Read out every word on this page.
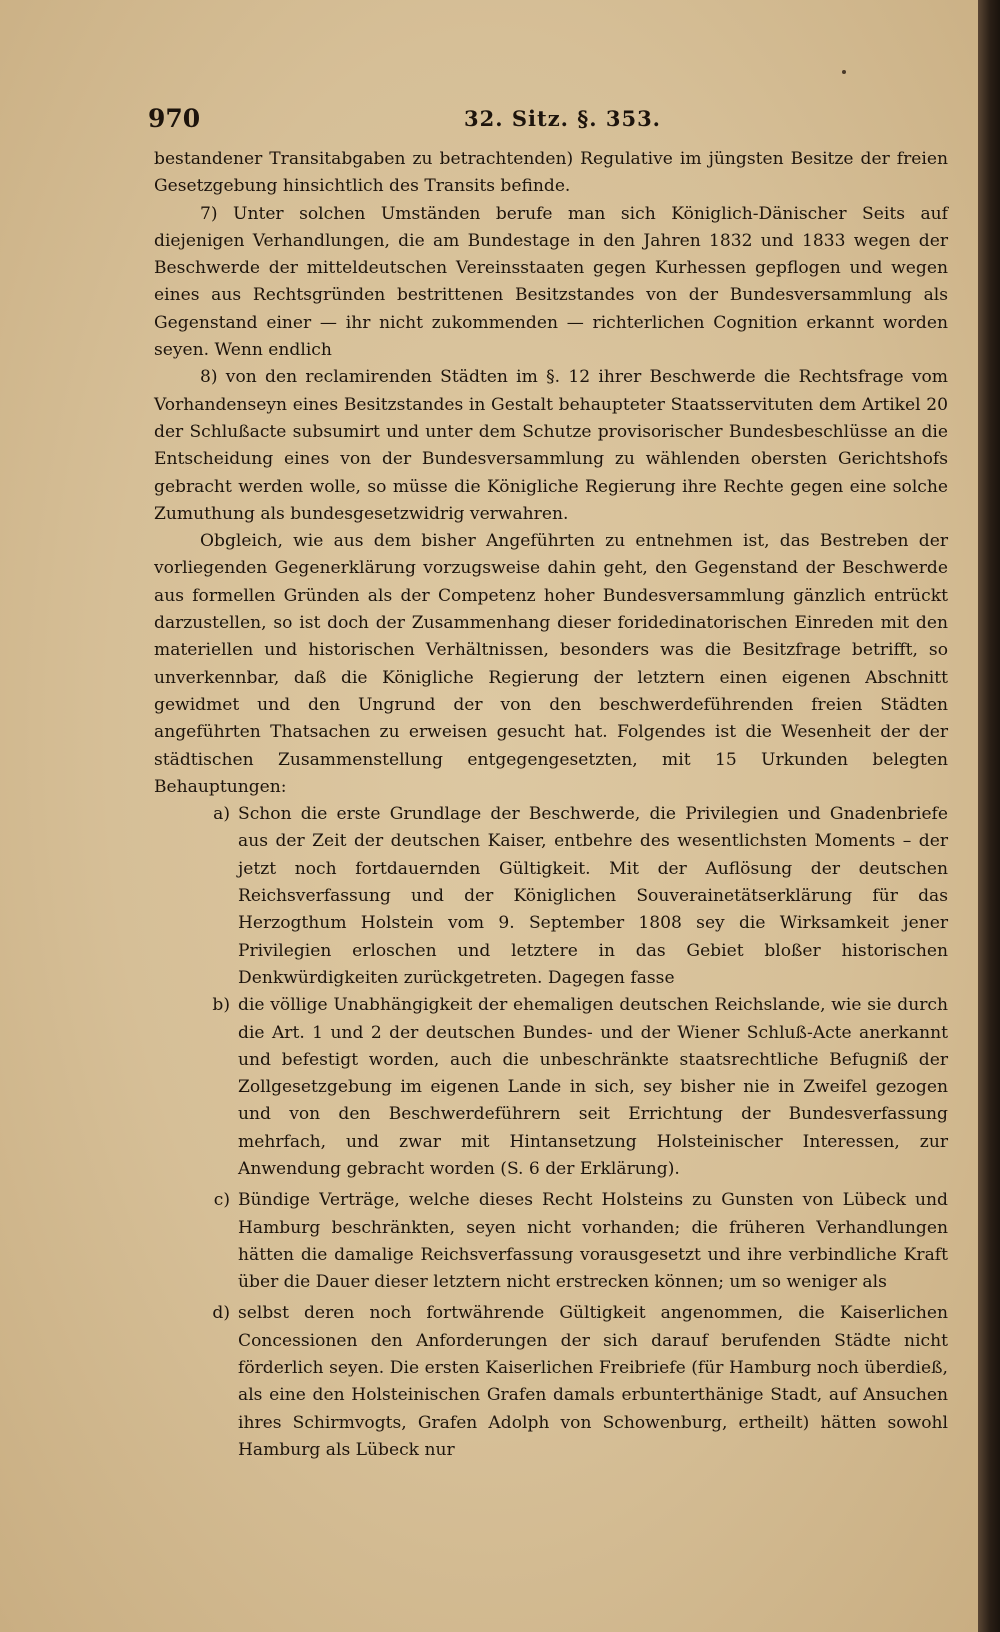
970	32. Sitz. §. 353.

bestandener Transitabgaben zu betrachtenden) Regulative im jüngsten Besitze der freien Gesetzgebung hinsichtlich des Transits befinde.

7) Unter solchen Umständen berufe man sich Königlich-Dänischer Seits auf diejenigen Verhandlungen, die am Bundestage in den Jahren 1832 und 1833 wegen der Beschwerde der mitteldeutschen Vereinsstaaten gegen Kurhessen gepflogen und wegen eines aus Rechtsgründen bestrittenen Besitzstandes von der Bundesversammlung als Gegenstand einer — ihr nicht zukommenden — richterlichen Cognition erkannt worden seyen. Wenn endlich

8) von den reclamirenden Städten im §. 12 ihrer Beschwerde die Rechtsfrage vom Vorhandenseyn eines Besitzstandes in Gestalt behaupteter Staatsservituten dem Artikel 20 der Schlußacte subsumirt und unter dem Schutze provisorischer Bundesbeschlüsse an die Entscheidung eines von der Bundesversammlung zu wählenden obersten Gerichtshofs gebracht werden wolle, so müsse die Königliche Regierung ihre Rechte gegen eine solche Zumuthung als bundesgesetzwidrig verwahren.

Obgleich, wie aus dem bisher Angeführten zu entnehmen ist, das Bestreben der vorliegenden Gegenerklärung vorzugsweise dahin geht, den Gegenstand der Beschwerde aus formellen Gründen als der Competenz hoher Bundesversammlung gänzlich entrückt darzustellen, so ist doch der Zusammenhang dieser foridedinatorischen Einreden mit den materiellen und historischen Verhältnissen, besonders was die Besitzfrage betrifft, so unverkennbar, daß die Königliche Regierung der letztern einen eigenen Abschnitt gewidmet und den Ungrund der von den beschwerdeführenden freien Städten angeführten Thatsachen zu erweisen gesucht hat. Folgendes ist die Wesenheit der der städtischen Zusammenstellung entgegengesetzten, mit 15 Urkunden belegten Behauptungen:

a) Schon die erste Grundlage der Beschwerde, die Privilegien und Gnadenbriefe aus der Zeit der deutschen Kaiser, entbehre des wesentlichsten Moments – der jetzt noch fortdauernden Gültigkeit. Mit der Auflösung der deutschen Reichsverfassung und der Königlichen Souverainetätserklärung für das Herzogthum Holstein vom 9. September 1808 sey die Wirksamkeit jener Privilegien erloschen und letztere in das Gebiet bloßer historischen Denkwürdigkeiten zurückgetreten. Dagegen fasse
b) die völlige Unabhängigkeit der ehemaligen deutschen Reichslande, wie sie durch die Art. 1 und 2 der deutschen Bundes- und der Wiener Schluß-Acte anerkannt und befestigt worden, auch die unbeschränkte staatsrechtliche Befugniß der Zollgesetzgebung im eigenen Lande in sich, sey bisher nie in Zweifel gezogen und von den Beschwerdeführern seit Errichtung der Bundesverfassung mehrfach, und zwar mit Hintansetzung Holsteinischer Interessen, zur Anwendung gebracht worden (S. 6 der Erklärung).
c) Bündige Verträge, welche dieses Recht Holsteins zu Gunsten von Lübeck und Hamburg beschränkten, seyen nicht vorhanden; die früheren Verhandlungen hätten die damalige Reichsverfassung vorausgesetzt und ihre verbindliche Kraft über die Dauer dieser letztern nicht erstrecken können; um so weniger als
d) selbst deren noch fortwährende Gültigkeit angenommen, die Kaiserlichen Concessionen den Anforderungen der sich darauf berufenden Städte nicht förderlich seyen. Die ersten Kaiserlichen Freibriefe (für Hamburg noch überdieß, als eine den Holsteinischen Grafen damals erbunterthänige Stadt, auf Ansuchen ihres Schirmvogts, Grafen Adolph von Schowenburg, ertheilt) hätten sowohl Hamburg als Lübeck nur
